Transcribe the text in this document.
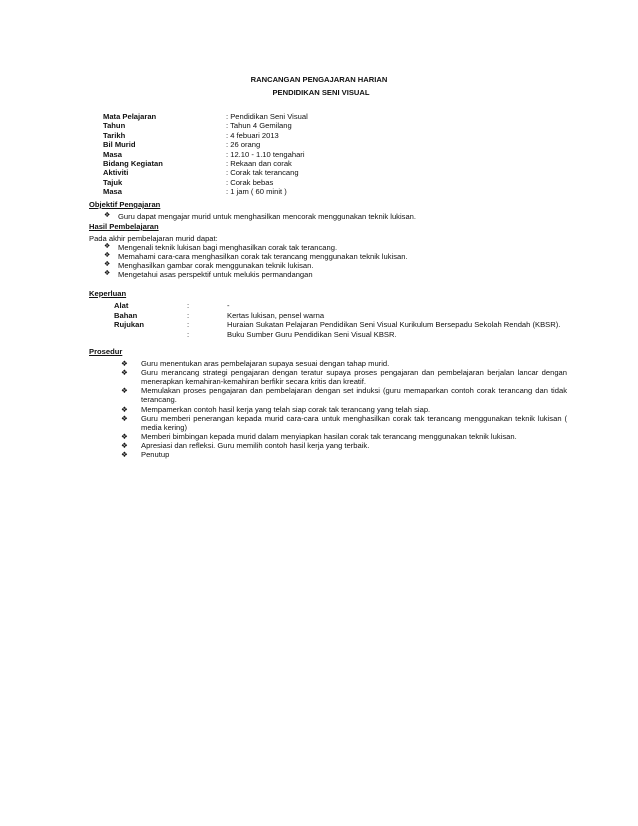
RANCANGAN PENGAJARAN HARIAN
PENDIDIKAN SENI VISUAL
Mata Pelajaran	: Pendidikan Seni Visual
Tahun	: Tahun 4 Gemilang
Tarikh	: 4 febuari 2013
Bil Murid	: 26 orang
Masa	: 12.10 - 1.10 tengahari
Bidang Kegiatan	: Rekaan dan corak
Aktiviti	: Corak tak terancang
Tajuk	: Corak bebas
Masa	: 1 jam ( 60 minit )
Objektif Pengajaran
❖	Guru dapat mengajar murid untuk menghasilkan mencorak menggunakan teknik lukisan.
Hasil Pembelajaran
Pada akhir pembelajaran murid dapat:
❖	Mengenali teknik lukisan bagi menghasilkan corak tak terancang.
❖	Memahami cara-cara menghasilkan corak tak terancang menggunakan teknik lukisan.
❖	Menghasilkan gambar corak menggunakan teknik lukisan.
❖	Mengetahui asas perspektif untuk melukis permandangan
Keperluan
Alat	:	-
Bahan	:	Kertas lukisan, pensel warna
Rujukan	:	Huraian Sukatan Pelajaran Pendidikan Seni Visual Kurikulum Bersepadu Sekolah Rendah (KBSR).
:	Buku Sumber Guru Pendidikan Seni Visual KBSR.
Prosedur
❖	Guru menentukan aras pembelajaran supaya sesuai dengan tahap murid.
❖	Guru merancang strategi pengajaran dengan teratur supaya proses pengajaran dan pembelajaran berjalan lancar dengan menerapkan kemahiran-kemahiran berfikir secara kritis dan kreatif.
❖	Memulakan proses pengajaran dan pembelajaran dengan set induksi (guru memaparkan contoh corak terancang dan tidak terancang.
❖	Mempamerkan contoh hasil kerja yang telah siap corak tak terancang yang telah siap.
❖	Guru memberi penerangan kepada murid cara-cara untuk menghasilkan corak tak terancang menggunakan teknik lukisan ( media kering)
❖	Memberi bimbingan kepada murid dalam menyiapkan hasilan corak tak terancang menggunakan teknik lukisan.
❖	Apresiasi dan refleksi. Guru memilih contoh hasil kerja yang terbaik.
❖	Penutup
